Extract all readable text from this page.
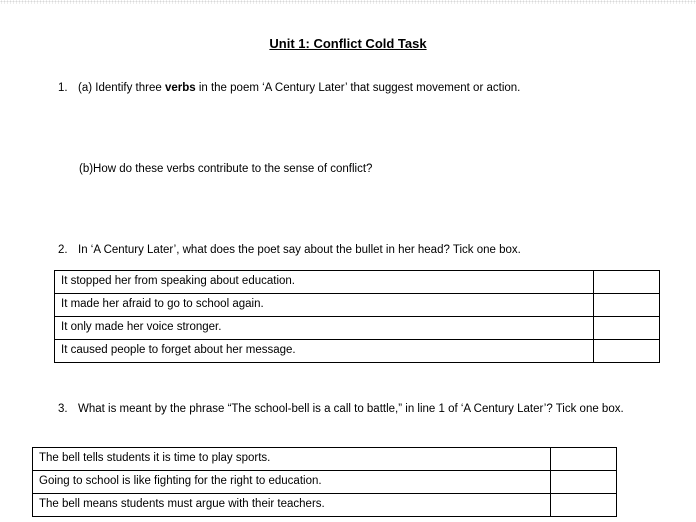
Unit 1: Conflict Cold Task
1. (a) Identify three verbs in the poem ‘A Century Later’ that suggest movement or action.
(b)How do these verbs contribute to the sense of conflict?
2. In ‘A Century Later’, what does the poet say about the bullet in her head? Tick one box.
It stopped her from speaking about education.	
It made her afraid to go to school again.	
It only made her voice stronger.	
It caused people to forget about her message.	
3. What is meant by the phrase “The school-bell is a call to battle,” in line 1 of ‘A Century Later’? Tick one box.
The bell tells students it is time to play sports.	
Going to school is like fighting for the right to education.	
The bell means students must argue with their teachers.	
